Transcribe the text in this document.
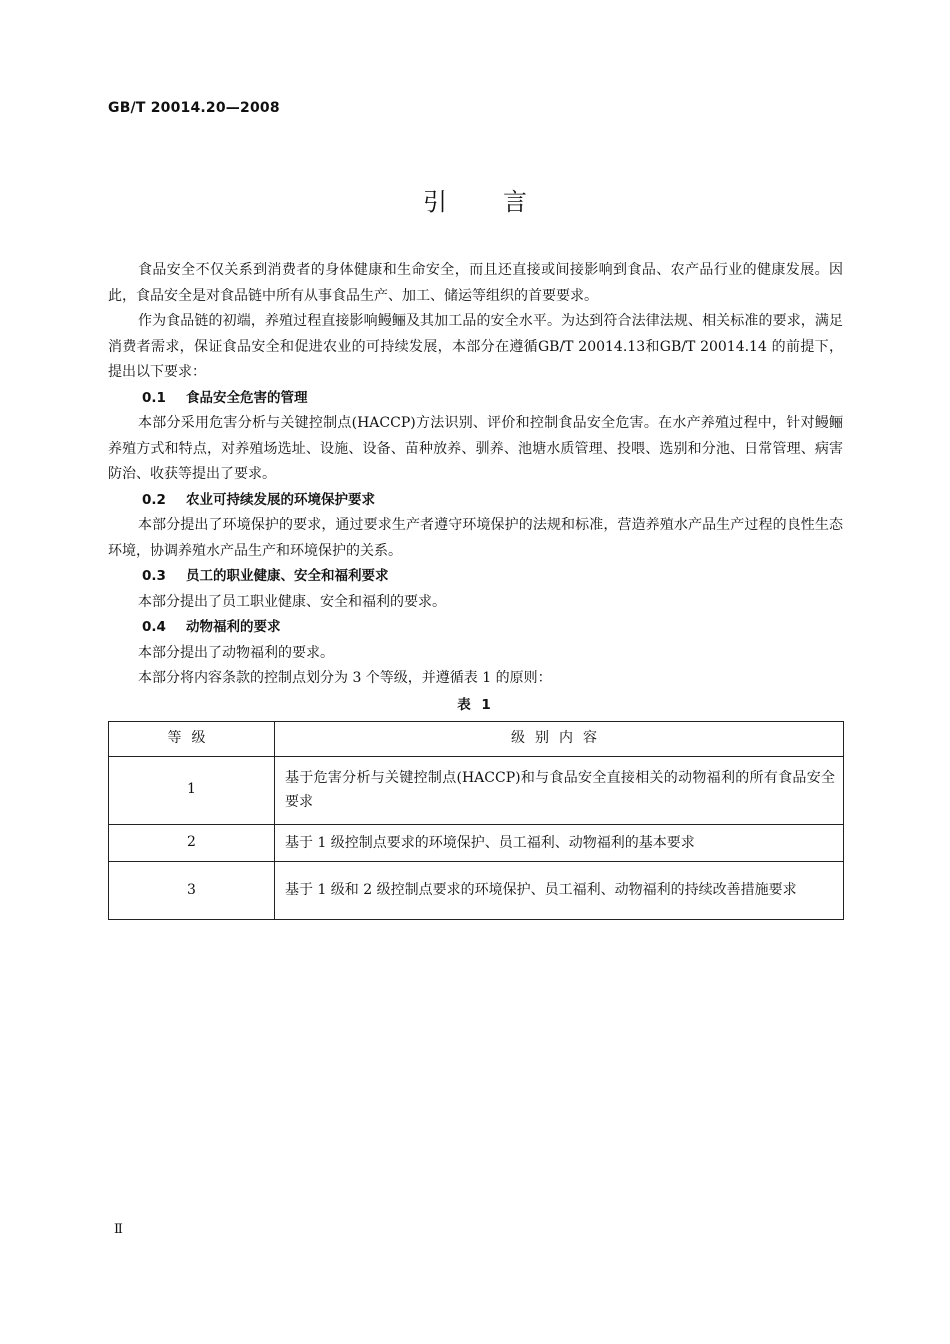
GB/T 20014.20—2008
引言

食品安全不仅关系到消费者的身体健康和生命安全，而且还直接或间接影响到食品、农产品行业的健康发展。因此，食品安全是对食品链中所有从事食品生产、加工、储运等组织的首要要求。

作为食品链的初端，养殖过程直接影响鳗鲡及其加工品的安全水平。为达到符合法律法规、相关标准的要求，满足消费者需求，保证食品安全和促进农业的可持续发展，本部分在遵循GB/T 20014.13和GB/T 20014.14 的前提下，提出以下要求：

0.1 食品安全危害的管理

本部分采用危害分析与关键控制点(HACCP)方法识别、评价和控制食品安全危害。在水产养殖过程中，针对鳗鲡养殖方式和特点，对养殖场选址、设施、设备、苗种放养、驯养、池塘水质管理、投喂、选别和分池、日常管理、病害防治、收获等提出了要求。

0.2 农业可持续发展的环境保护要求

本部分提出了环境保护的要求，通过要求生产者遵守环境保护的法规和标准，营造养殖水产品生产过程的良性生态环境，协调养殖水产品生产和环境保护的关系。

0.3 员工的职业健康、安全和福利要求

本部分提出了员工职业健康、安全和福利的要求。

0.4 动物福利的要求

本部分提出了动物福利的要求。

本部分将内容条款的控制点划分为 3 个等级，并遵循表 1 的原则：

表 1

等级	级别内容
1	基于危害分析与关键控制点(HACCP)和与食品安全直接相关的动物福利的所有食品安全要求
2	基于 1 级控制点要求的环境保护、员工福利、动物福利的基本要求
3	基于 1 级和 2 级控制点要求的环境保护、员工福利、动物福利的持续改善措施要求
Ⅱ
